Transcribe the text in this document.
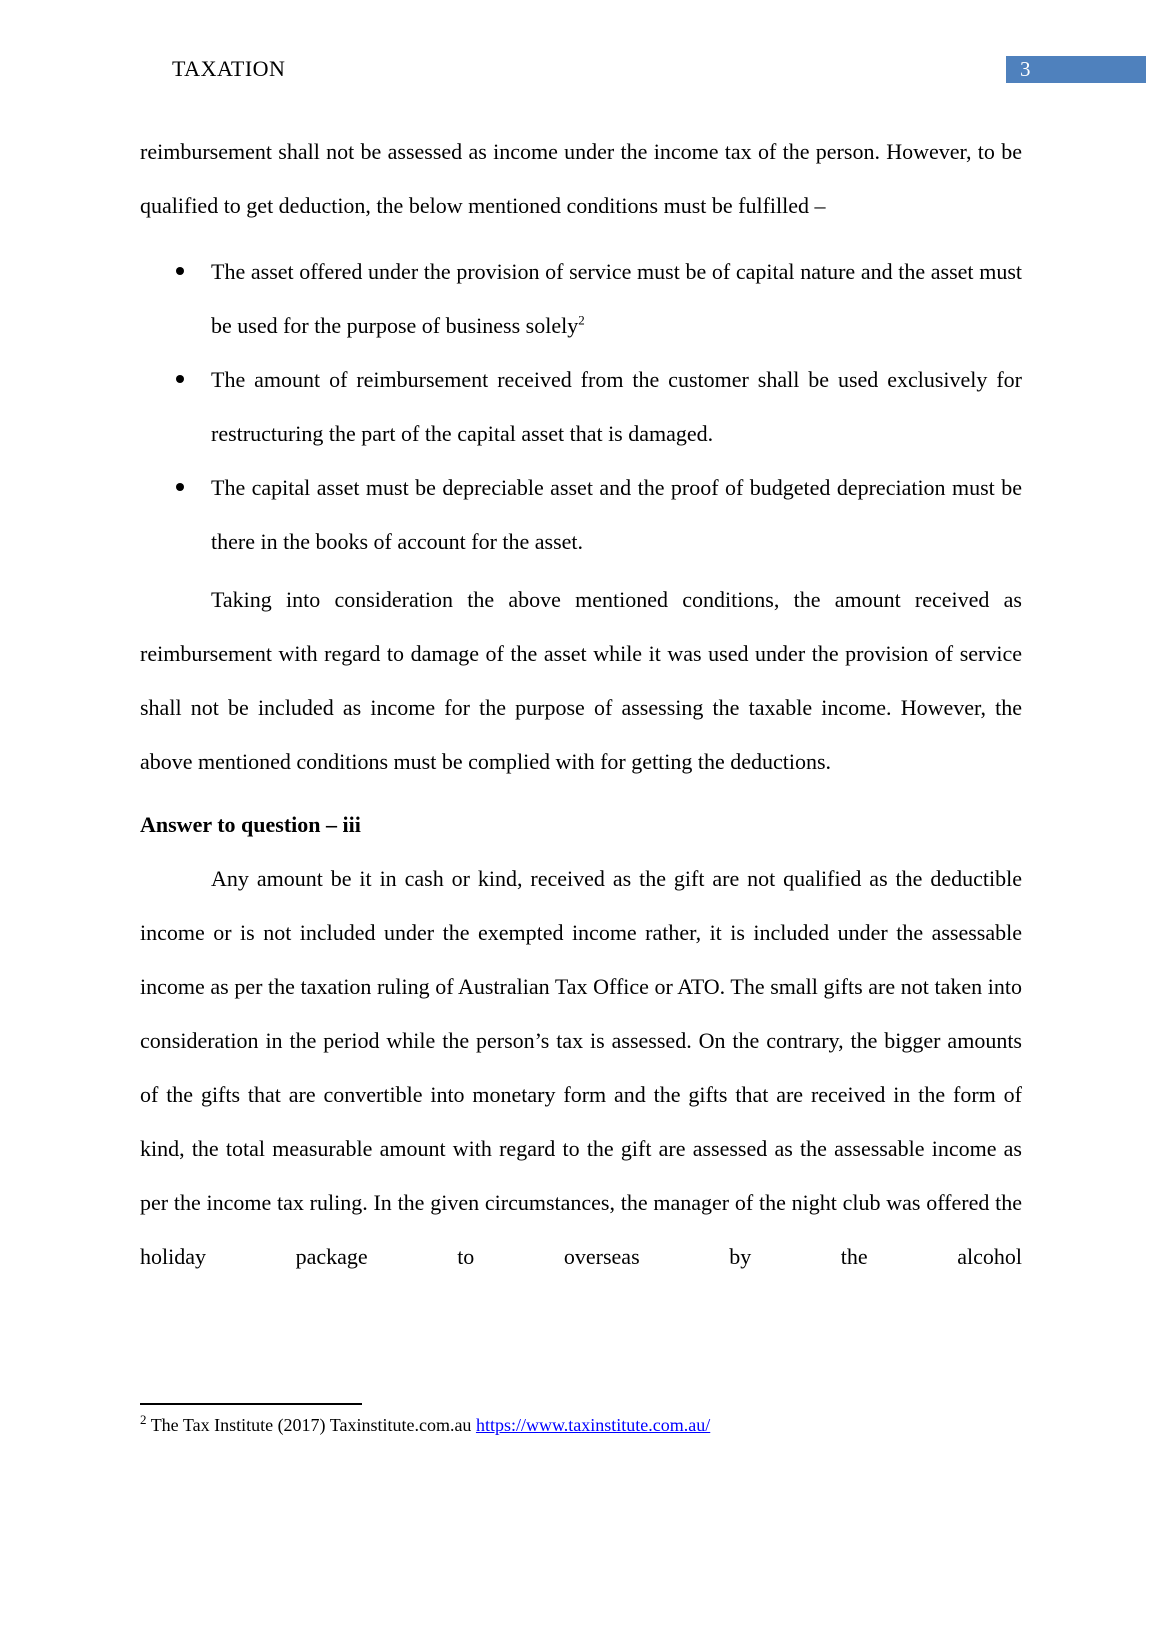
TAXATION	3

reimbursement shall not be assessed as income under the income tax of the person. However, to be qualified to get deduction, the below mentioned conditions must be fulfilled –

The asset offered under the provision of service must be of capital nature and the asset must be used for the purpose of business solely$^2$
The amount of reimbursement received from the customer shall be used exclusively for restructuring the part of the capital asset that is damaged.
The capital asset must be depreciable asset and the proof of budgeted depreciation must be there in the books of account for the asset.

Taking into consideration the above mentioned conditions, the amount received as reimbursement with regard to damage of the asset while it was used under the provision of service shall not be included as income for the purpose of assessing the taxable income. However, the above mentioned conditions must be complied with for getting the deductions.

Answer to question – iii

Any amount be it in cash or kind, received as the gift are not qualified as the deductible income or is not included under the exempted income rather, it is included under the assessable income as per the taxation ruling of Australian Tax Office or ATO. The small gifts are not taken into consideration in the period while the person’s tax is assessed. On the contrary, the bigger amounts of the gifts that are convertible into monetary form and the gifts that are received in the form of kind, the total measurable amount with regard to the gift are assessed as the assessable income as per the income tax ruling. In the given circumstances, the manager of the night club was offered the holiday package to overseas by the alcohol

$^2$ The Tax Institute (2017) Taxinstitute.com.au https://www.taxinstitute.com.au/
